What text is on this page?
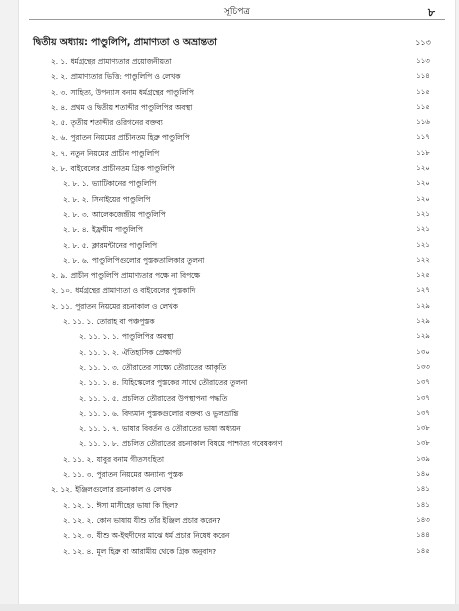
সূচিপত্র	৮
দ্বিতীয় অধ্যায়: পাণ্ডুলিপি, প্রামাণ্যতা ও অভ্রান্ততা	১১৩
২. ১. ধর্মগ্রন্থের প্রামাণ্যতার প্রয়োজনীয়তা	১১৩
২. ২. প্রামাণ্যতার ভিত্তি: পাণ্ডুলিপি ও লেখক	১১৪
২. ৩. সাহিত্য, উপন্যাস বনাম ধর্মগ্রন্থের পাণ্ডুলিপি	১১৫
২. ৪. প্রথম ও দ্বিতীয় শতাব্দীর পাণ্ডুলিপির অবস্থা	১১৫
২. ৫. তৃতীয় শতাব্দীর ওরিগনের বক্তব্য	১১৬
২. ৬. পুরাতন নিয়মের প্রাচীনতম হিব্রু পাণ্ডুলিপি	১১৭
২. ৭. নতুন নিয়মের প্রাচীন পাণ্ডুলিপি	১১৮
২. ৮. বাইবেলের প্রাচীনতম গ্রিক পাণ্ডুলিপি	১২০
২. ৮. ১. ভ্যাটিকানের পাণ্ডুলিপি	১২০
২. ৮. ২. সিনাইয়ের পাণ্ডুলিপি	১২০
২. ৮. ৩. আলেকজেন্দ্রীয় পাণ্ডুলিপি	১২১
২. ৮. ৪. ইফ্রয়ীম পাণ্ডুলিপি	১২১
২. ৮. ৫. ক্লারমন্টানের পাণ্ডুলিপি	১২১
২. ৮. ৬. পাণ্ডুলিপিগুলোর পুস্তকতালিকার তুলনা	১২২
২. ৯. প্রাচীন পাণ্ডুলিপি প্রামাণ্যতার পক্ষে না বিপক্ষে	১২৫
২. ১০. ধর্মগ্রন্থের প্রামাণ্যতা ও বাইবেলের পুস্তকাদি	১২৭
২. ১১. পুরাতন নিয়মের রচনাকাল ও লেখক	১২৯
২. ১১. ১. তোরাহ বা পঞ্চপুস্তক	১২৯
২. ১১. ১. ১. পাণ্ডুলিপির অবস্থা	১২৯
২. ১১. ১. ২. ঐতিহাসিক প্রেক্ষাপট	১৩০
২. ১১. ১. ৩. তৌরাতের সাক্ষ্যে তৌরাতের আকৃতি	১৩৩
২. ১১. ১. ৪. যিহিস্কেলের পুস্তকের সাথে তৌরাতের তুলনা	১৩৭
২. ১১. ১. ৫. প্রচলিত তৌরাতের উপস্থাপনা পদ্ধতি	১৩৭
২. ১১. ১. ৬. বিদ্যমান পুস্তকগুলোর বক্তব্য ও ভুলভ্রান্তি	১৩৭
২. ১১. ১. ৭. ভাষার বিবর্তন ও তৌরাতের ভাষা অধ্যয়ন	১৩৮
২. ১১. ১. ৮. প্রচলিত তৌরাতের রচনাকাল বিষয়ে পাশ্চাত্য গবেষকগণ	১৩৮
২. ১১. ২. যাবুর বনাম গীতসংহিতা	১৩৯
২. ১১. ৩. পুরাতন নিয়মের অন্যান্য পুস্তক	১৪০
২. ১২. ইঞ্জিলগুলোর রচনাকাল ও লেখক	১৪১
২. ১২. ১. ঈসা মাসীহের ভাষা কি ছিল?	১৪১
২. ১২. ২. কোন ভাষায় যীশু তাঁর ইঞ্জিল প্রচার করেন?	১৪৩
২. ১২. ৩. যীশু অ-ইহুদীদের মাঝে ধর্ম প্রচার নিষেধ করেন	১৪৪
২. ১২. ৪. মূল হিব্রু বা আরামীয় থেকে গ্রিক অনুবাদ?	১৪৫
